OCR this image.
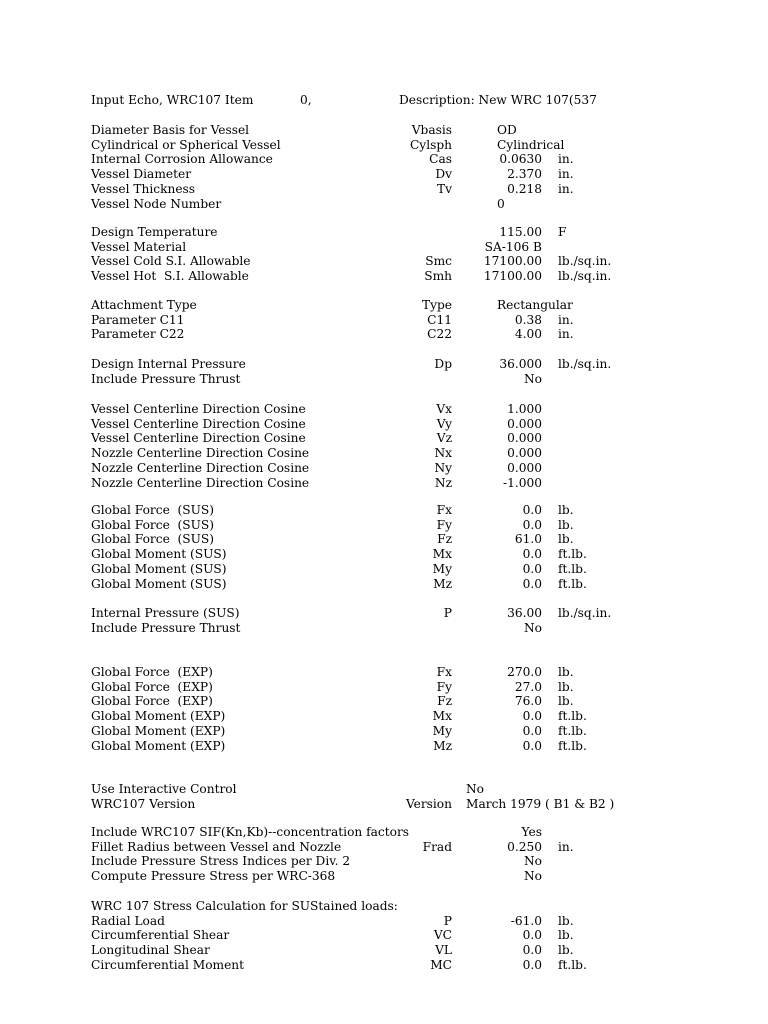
Input Echo, WRC107 Item

	0,

	Description: New WRC 107(537

Diameter Basis for Vessel	Vbasis	OD
Cylindrical or Spherical Vessel	Cylsph	Cylindrical
Internal Corrosion Allowance	Cas	0.0630 in.
Vessel Diameter	Dv	2.370 in.
Vessel Thickness	Tv	0.218 in.
Vessel Node Number	0
Design Temperature	115.00 F
Vessel Material	SA-106 B
Vessel Cold S.I. Allowable	Smc	17100.00 lb./sq.in.
Vessel Hot  S.I. Allowable	Smh	17100.00 lb./sq.in.
Attachment Type	Type	Rectangular
Parameter C11	C11	0.38 in.
Parameter C22	C22	4.00 in.
Design Internal Pressure	Dp	36.000 lb./sq.in.
Include Pressure Thrust	No
Vessel Centerline Direction Cosine	Vx	1.000
Vessel Centerline Direction Cosine	Vy	0.000
Vessel Centerline Direction Cosine	Vz	0.000
Nozzle Centerline Direction Cosine	Nx	0.000
Nozzle Centerline Direction Cosine	Ny	0.000
Nozzle Centerline Direction Cosine	Nz	-1.000
Global Force  (SUS)	Fx	0.0 lb.
Global Force  (SUS)	Fy	0.0 lb.
Global Force  (SUS)	Fz	61.0 lb.
Global Moment (SUS)	Mx	0.0 ft.lb.
Global Moment (SUS)	My	0.0 ft.lb.
Global Moment (SUS)	Mz	0.0 ft.lb.
Internal Pressure (SUS)	P	36.00 lb./sq.in.
Include Pressure Thrust	No
Global Force  (EXP)	Fx	270.0 lb.
Global Force  (EXP)	Fy	27.0 lb.
Global Force  (EXP)	Fz	76.0 lb.
Global Moment (EXP)	Mx	0.0 ft.lb.
Global Moment (EXP)	My	0.0 ft.lb.
Global Moment (EXP)	Mz	0.0 ft.lb.
Use Interactive Control	No
WRC107 Version	Version March 1979 ( B1 & B2 )
Include WRC107 SIF(Kn,Kb)--concentration factors	Yes
Fillet Radius between Vessel and Nozzle	Frad	0.250 in.
Include Pressure Stress Indices per Div. 2	No
Compute Pressure Stress per WRC-368	No
WRC 107 Stress Calculation for SUStained loads:
Radial Load	P	-61.0 lb.
Circumferential Shear	VC	0.0 lb.
Longitudinal Shear	VL	0.0 lb.
Circumferential Moment	MC	0.0 ft.lb.
